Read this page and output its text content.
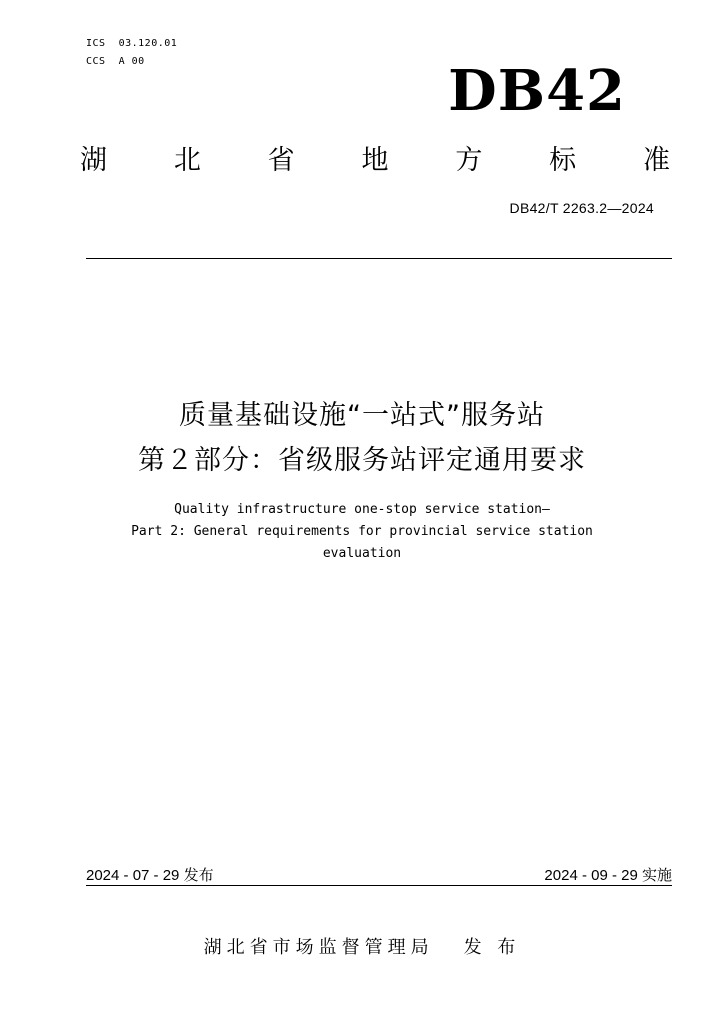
ICS  03.120.01
CCS  A 00	DB42
湖 北 省 地 方 标 准
DB42/T 2263.2—2024
质量基础设施“一站式”服务站
第２部分：省级服务站评定通用要求
Quality infrastructure one-stop service station—
Part 2: General requirements for provincial service station
evaluation
2024 - 07 - 29 发布	2024 - 09 - 29 实施
湖北省市场监督管理局 发 布
